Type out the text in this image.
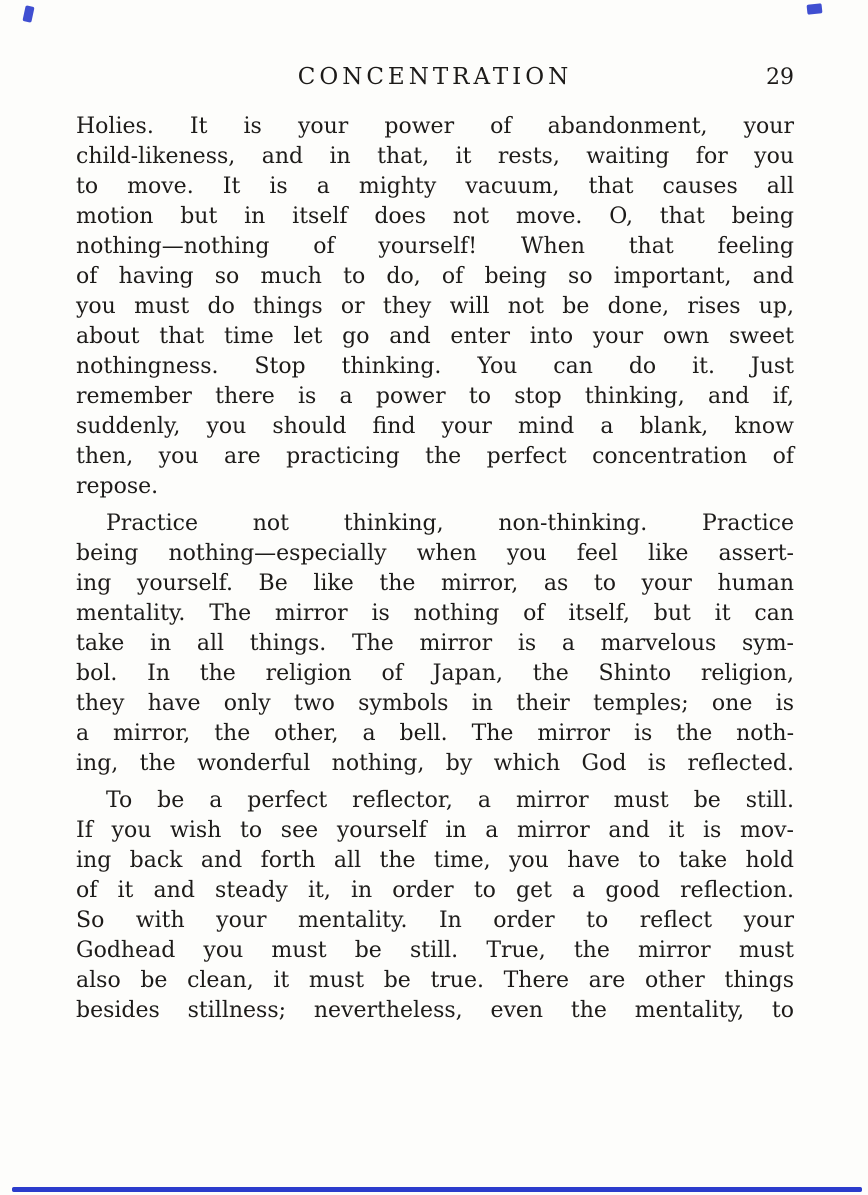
CONCENTRATION	29
Holies. It is your power of abandonment, your
child-likeness, and in that, it rests, waiting for you
to move. It is a mighty vacuum, that causes all
motion but in itself does not move. O, that being
nothing—nothing of yourself! When that feeling
of having so much to do, of being so important, and
you must do things or they will not be done, rises up,
about that time let go and enter into your own sweet
nothingness. Stop thinking. You can do it. Just
remember there is a power to stop thinking, and if,
suddenly, you should find your mind a blank, know
then, you are practicing the perfect concentration of
repose.
Practice not thinking, non-thinking. Practice
being nothing—especially when you feel like assert-
ing yourself. Be like the mirror, as to your human
mentality. The mirror is nothing of itself, but it can
take in all things. The mirror is a marvelous sym-
bol. In the religion of Japan, the Shinto religion,
they have only two symbols in their temples; one is
a mirror, the other, a bell. The mirror is the noth-
ing, the wonderful nothing, by which God is reflected.
To be a perfect reflector, a mirror must be still.
If you wish to see yourself in a mirror and it is mov-
ing back and forth all the time, you have to take hold
of it and steady it, in order to get a good reflection.
So with your mentality. In order to reflect your
Godhead you must be still. True, the mirror must
also be clean, it must be true. There are other things
besides stillness; nevertheless, even the mentality, to
